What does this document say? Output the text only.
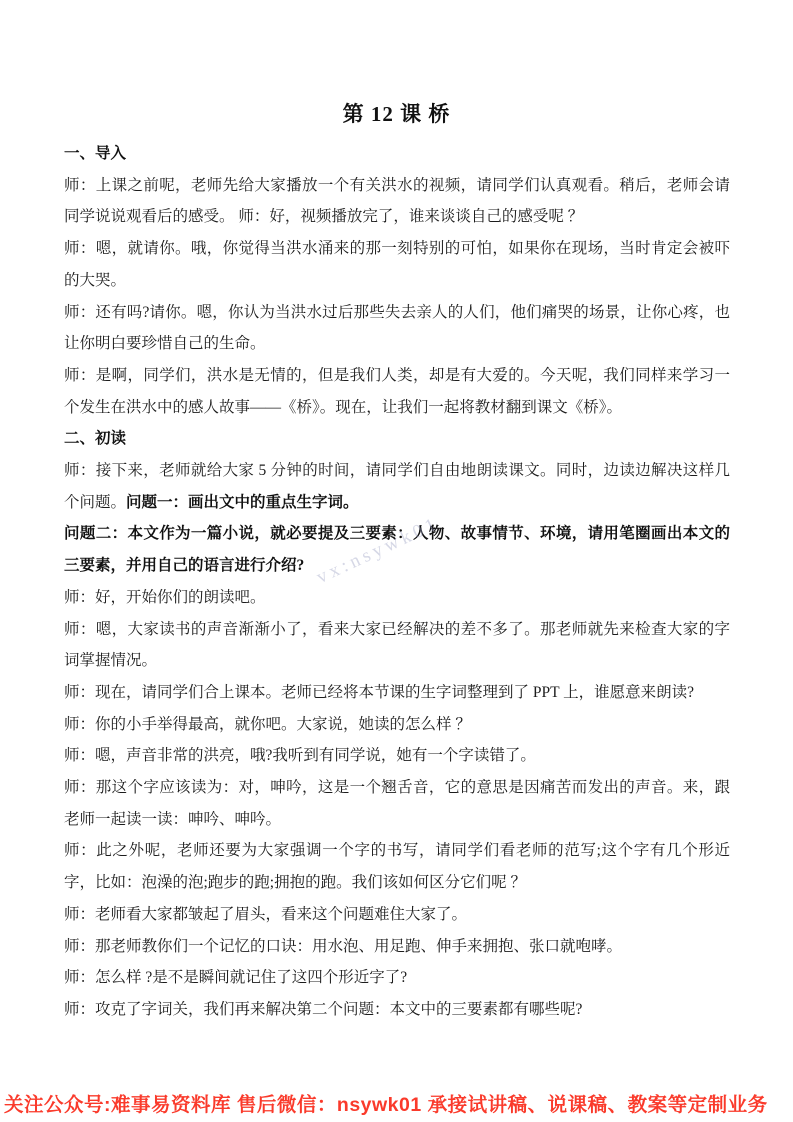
第 12 课 桥

一、导入

师：上课之前呢，老师先给大家播放一个有关洪水的视频，请同学们认真观看。稍后，老师会请同学说说观看后的感受。 师：好，视频播放完了，谁来谈谈自己的感受呢 ？

师：嗯，就请你。哦，你觉得当洪水涌来的那一刻特别的可怕，如果你在现场，当时肯定会被吓的大哭。

师：还有吗?请你。嗯，你认为当洪水过后那些失去亲人的人们，他们痛哭的场景，让你心疼，也让你明白要珍惜自己的生命。

师：是啊，同学们，洪水是无情的，但是我们人类，却是有大爱的。今天呢，我们同样来学习一个发生在洪水中的感人故事——《桥》。现在，让我们一起将教材翻到课文《桥》。

二、初读

师：接下来，老师就给大家 5 分钟的时间，请同学们自由地朗读课文。同时，边读边解决这样几个问题。问题一：画出文中的重点生字词。

问题二：本文作为一篇小说，就必要提及三要素：人物、故事情节、环境，请用笔圈画出本文的三要素，并用自己的语言进行介绍?

师：好，开始你们的朗读吧。

师：嗯，大家读书的声音渐渐小了，看来大家已经解决的差不多了。那老师就先来检查大家的字词掌握情况。

师：现在，请同学们合上课本。老师已经将本节课的生字词整理到了 PPT 上，谁愿意来朗读?

师：你的小手举得最高，就你吧。大家说，她读的怎么样 ？

师：嗯，声音非常的洪亮，哦?我听到有同学说，她有一个字读错了。

师：那这个字应该读为：对，呻吟，这是一个翘舌音，它的意思是因痛苦而发出的声音。来，跟老师一起读一读：呻吟、呻吟。

师：此之外呢，老师还要为大家强调一个字的书写，请同学们看老师的范写;这个字有几个形近字，比如：泡澡的泡;跑步的跑;拥抱的跑。我们该如何区分它们呢 ？

师：老师看大家都皱起了眉头，看来这个问题难住大家了。

师：那老师教你们一个记忆的口诀：用水泡、用足跑、伸手来拥抱、张口就咆哮。

师：怎么样 ?是不是瞬间就记住了这四个形近字了?

师：攻克了字词关，我们再来解决第二个问题：本文中的三要素都有哪些呢?

vx:nsywk01
关注公众号:难事易资料库 售后微信：nsywk01 承接试讲稿、说课稿、教案等定制业务
